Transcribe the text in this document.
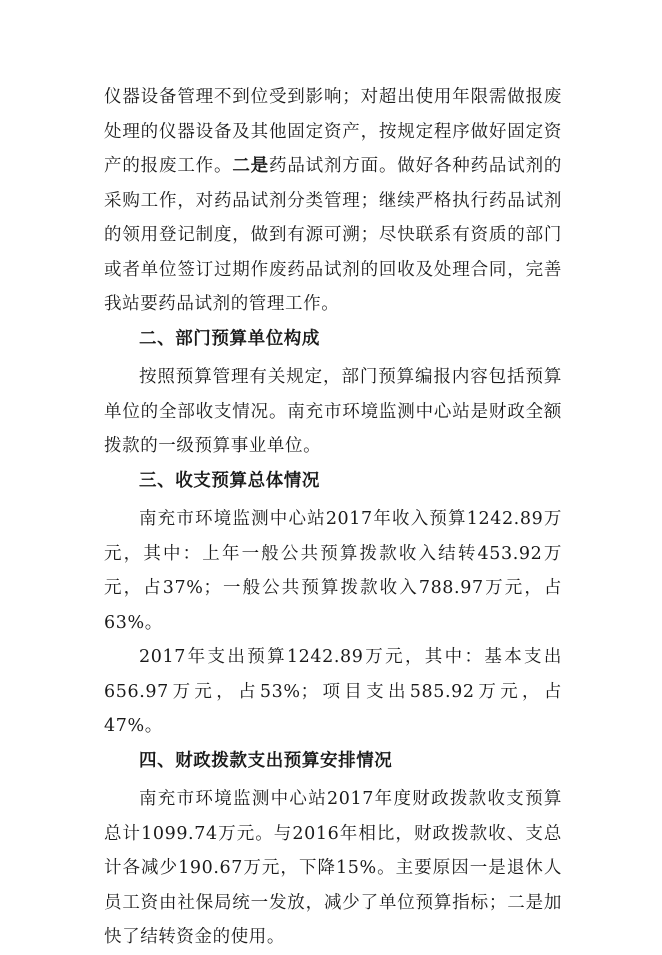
仪器设备管理不到位受到影响；对超出使用年限需做报废处理的仪器设备及其他固定资产，按规定程序做好固定资产的报废工作。二是药品试剂方面。做好各种药品试剂的采购工作，对药品试剂分类管理；继续严格执行药品试剂的领用登记制度，做到有源可溯；尽快联系有资质的部门或者单位签订过期作废药品试剂的回收及处理合同，完善我站要药品试剂的管理工作。

二、部门预算单位构成

按照预算管理有关规定，部门预算编报内容包括预算单位的全部收支情况。南充市环境监测中心站是财政全额拨款的一级预算事业单位。

三、收支预算总体情况

南充市环境监测中心站2017年收入预算1242.89万元，其中：上年一般公共预算拨款收入结转453.92万元，占37%；一般公共预算拨款收入788.97万元，占63%。

2017年支出预算1242.89万元，其中：基本支出656.97万元，占53%；项目支出585.92万元，占47%。

四、财政拨款支出预算安排情况

南充市环境监测中心站2017年度财政拨款收支预算总计1099.74万元。与2016年相比，财政拨款收、支总计各减少190.67万元，下降15%。主要原因一是退休人员工资由社保局统一发放，减少了单位预算指标；二是加快了结转资金的使用。
